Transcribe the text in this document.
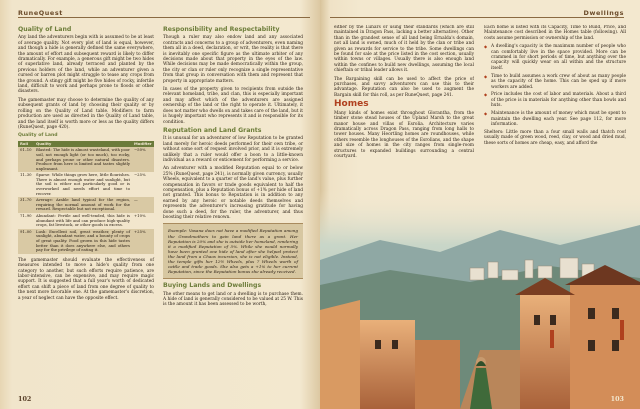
RuneQuest
Quality of Land

Any land the adventurers begin with is assumed to be at least of average quality. Not every plot of land is equal, however, and though a hide is generally defined the same everywhere, the amount of effort and subsequent reward is likely to differ dramatically. For example, a generous gift might be two hides of superlative land, already terraced and planted by the previous holders of the land, while an adventurer given a cursed or barren plot might struggle to tease any crops from the ground. A stingy gift might be five hides of rocky, infertile land, difficult to work and perhaps prone to floods or other disasters.

The gamemaster may choose to determine the quality of any subsequent grants of land by choosing their quality or by rolling on the Quality of Land table. Modifiers to farm production are used as directed in the Quality of Land table, and the land itself is worth more or less as the quality differs (RuneQuest, page 420).

Quality of Land
Roll	Quality	Modifier
01–10	Blasted: The hide is almost wasteland, with poor soil, not enough light (or too much), too rocky, and perhaps prone or other natural disasters. Produce from here is limited and tastes slightly unpleasant.	−50%
11–30	Sparse: While things grow here, little flourishes. There is almost enough water and sunlight, but the soil is either not particularly good or is overworked and needs effort and time to recover.	−25%
31–70	Average: Arable land typical for the region, requiring the normal amount of work for the reward. Respectable but not exceptional.	—
71–90	Abundant: Fertile and well-tended, this hide is abundant with life and can produce high-quality crops, fat livestock, or other goods in excess.	+10%
91–00	Lush: Excellent soil, great weather, plenty of sunlight, abundant water, and a bounty of crops of great quality. Food grown in this hide tastes better than it does anywhere else, and others pay for the privilege of eating it.	+25%

The gamemaster should evaluate the effectiveness of measures intended to move a hide's quality from one category to another, but such efforts require patience, are labor-intensive, can be expensive, and may require magic support. It is suggested that a full year's worth of dedicated effort can shift a piece of land from one degree of quality to the next more favorable one. At the gamemaster's discretion, a year of neglect can have the opposite effect.

Responsibility and Respectability

Though a ruler may also endow land and any associated contracts and concerns to a group of adventurers, even naming them all in a deed, declaration, or writ, the reality is that there is inevitably one specific figure as the ultimate arbiter of any decisions made about that property in the eyes of the law. While decisions may be made democratically within the group, the city or clan or ruler only recognize a single representative from that group in conversation with them and represent that property in appropriate matters.

In cases of the property given to recipients from outside the relevant homeland, tribe, and clan, this is especially important and may affect which of the adventurers are assigned ownership of the land or the right to operate it. Ultimately, it does not matter who dwells on and takes care of the land, but it is hugely important who represents it and is responsible for its condition.

Reputation and Land Grants

It is unusual for an adventurer of low Reputation to be granted land merely for heroic deeds performed for their own tribe, or without some sort of request involved prior, and it is extremely unlikely that a ruler would offer a boon to a little-known individual as a reward or enticement for performing a service.

An adventurer with a modified Reputation equal to or below 25% (RuneQuest, page 241), is normally given currency, usually Wheels, equivalent to a quarter of the land's value, plus further compensation in favors or trade goods equivalent to half the compensation, plus a Reputation bonus of +1% per hide of land not granted. This bonus to Reputation is in addition to any earned by any heroic or notable deeds themselves and represents the adventurer's increasing gratitude for having done such a deed, for the ruler, the adventurer, and thus boosting their relative renown.

Example: Vasana does not have a modified Reputation among the Grandmothers to gain land there as a grant. Her Reputation is 20% and she is outside her homeland, rendering it a modified Reputation of 5%. While she would normally have been granted one hide of land after she helped protect the land from a Chaos incursion, she is not eligible. Instead, the temple gifts her 12½ Wheels, plus 7 Wheels worth of cattle and trade goods. She also gets a +1% to her current Reputation, since the Reputation bonus she already received.
Buying Lands and Dwellings

The other means to get land or a dwelling is to purchase them. A hide of land is generally considered to be valued at 25 W. This is the amount it has been assessed to be worth,

102
Dwellings

either by the Lunars or using their standards (which are still maintained in Dragon Pass, lacking a better alternative). Other than in the grandest sense of all land being Ernalda's domain, not all land is owned, much of it held by the clan or tribe and given as rewards for service to the tribe. Some dwellings can be found for sale at the price listed in the cost section, usually within towns or villages. Usually there is also enough land within the confines to build new dwellings, assuming the local chieftain or tribal leader allows it.

The Bargaining skill can be used to affect the price of purchases, and savvy adventurers can use this to their advantage. Reputation can also be used to augment the Bargain skill for this roll, as per RuneQuest, page 241.

Homes

Many kinds of homes exist throughout Glorantha, from the timber stone stead houses of the Upland Marsh to the great manor house and villas of Esrolia. Architecture varies dramatically across Dragon Pass, ranging from long halls to tower houses. Many Heortling homes are roundhouses, while others resemble the longhouses of the Esrolians, and the shape and size of homes in the city ranges from single-room structures to expanded buildings surrounding a central courtyard.

Each home is listed with its Capacity, Time to Build, Price, and Maintenance cost described in the Homes table (following). All costs assume permission or ownership of the land.

◆ A dwelling's capacity is the maximum number of people who can comfortably live in the space provided. More can be crammed in for short periods of time, but anything over the capacity will quickly wear on all within and the structure itself.
◆ Time to build assumes a work crew of about as many people as the capacity of the home. This can be sped up if more workers are added.
◆ Price includes the cost of labor and materials. About a third of the price is in materials for anything other than bowls and huts.
◆ Maintenance is the amount of money which must be spent to maintain the dwelling each year. See page 112, for more information.

Shelters: Little more than a four small walls and thatch roof usually made of green wood, reed, clay, or wood and dried mud, these sorts of homes are cheap, easy, and afford the

103
